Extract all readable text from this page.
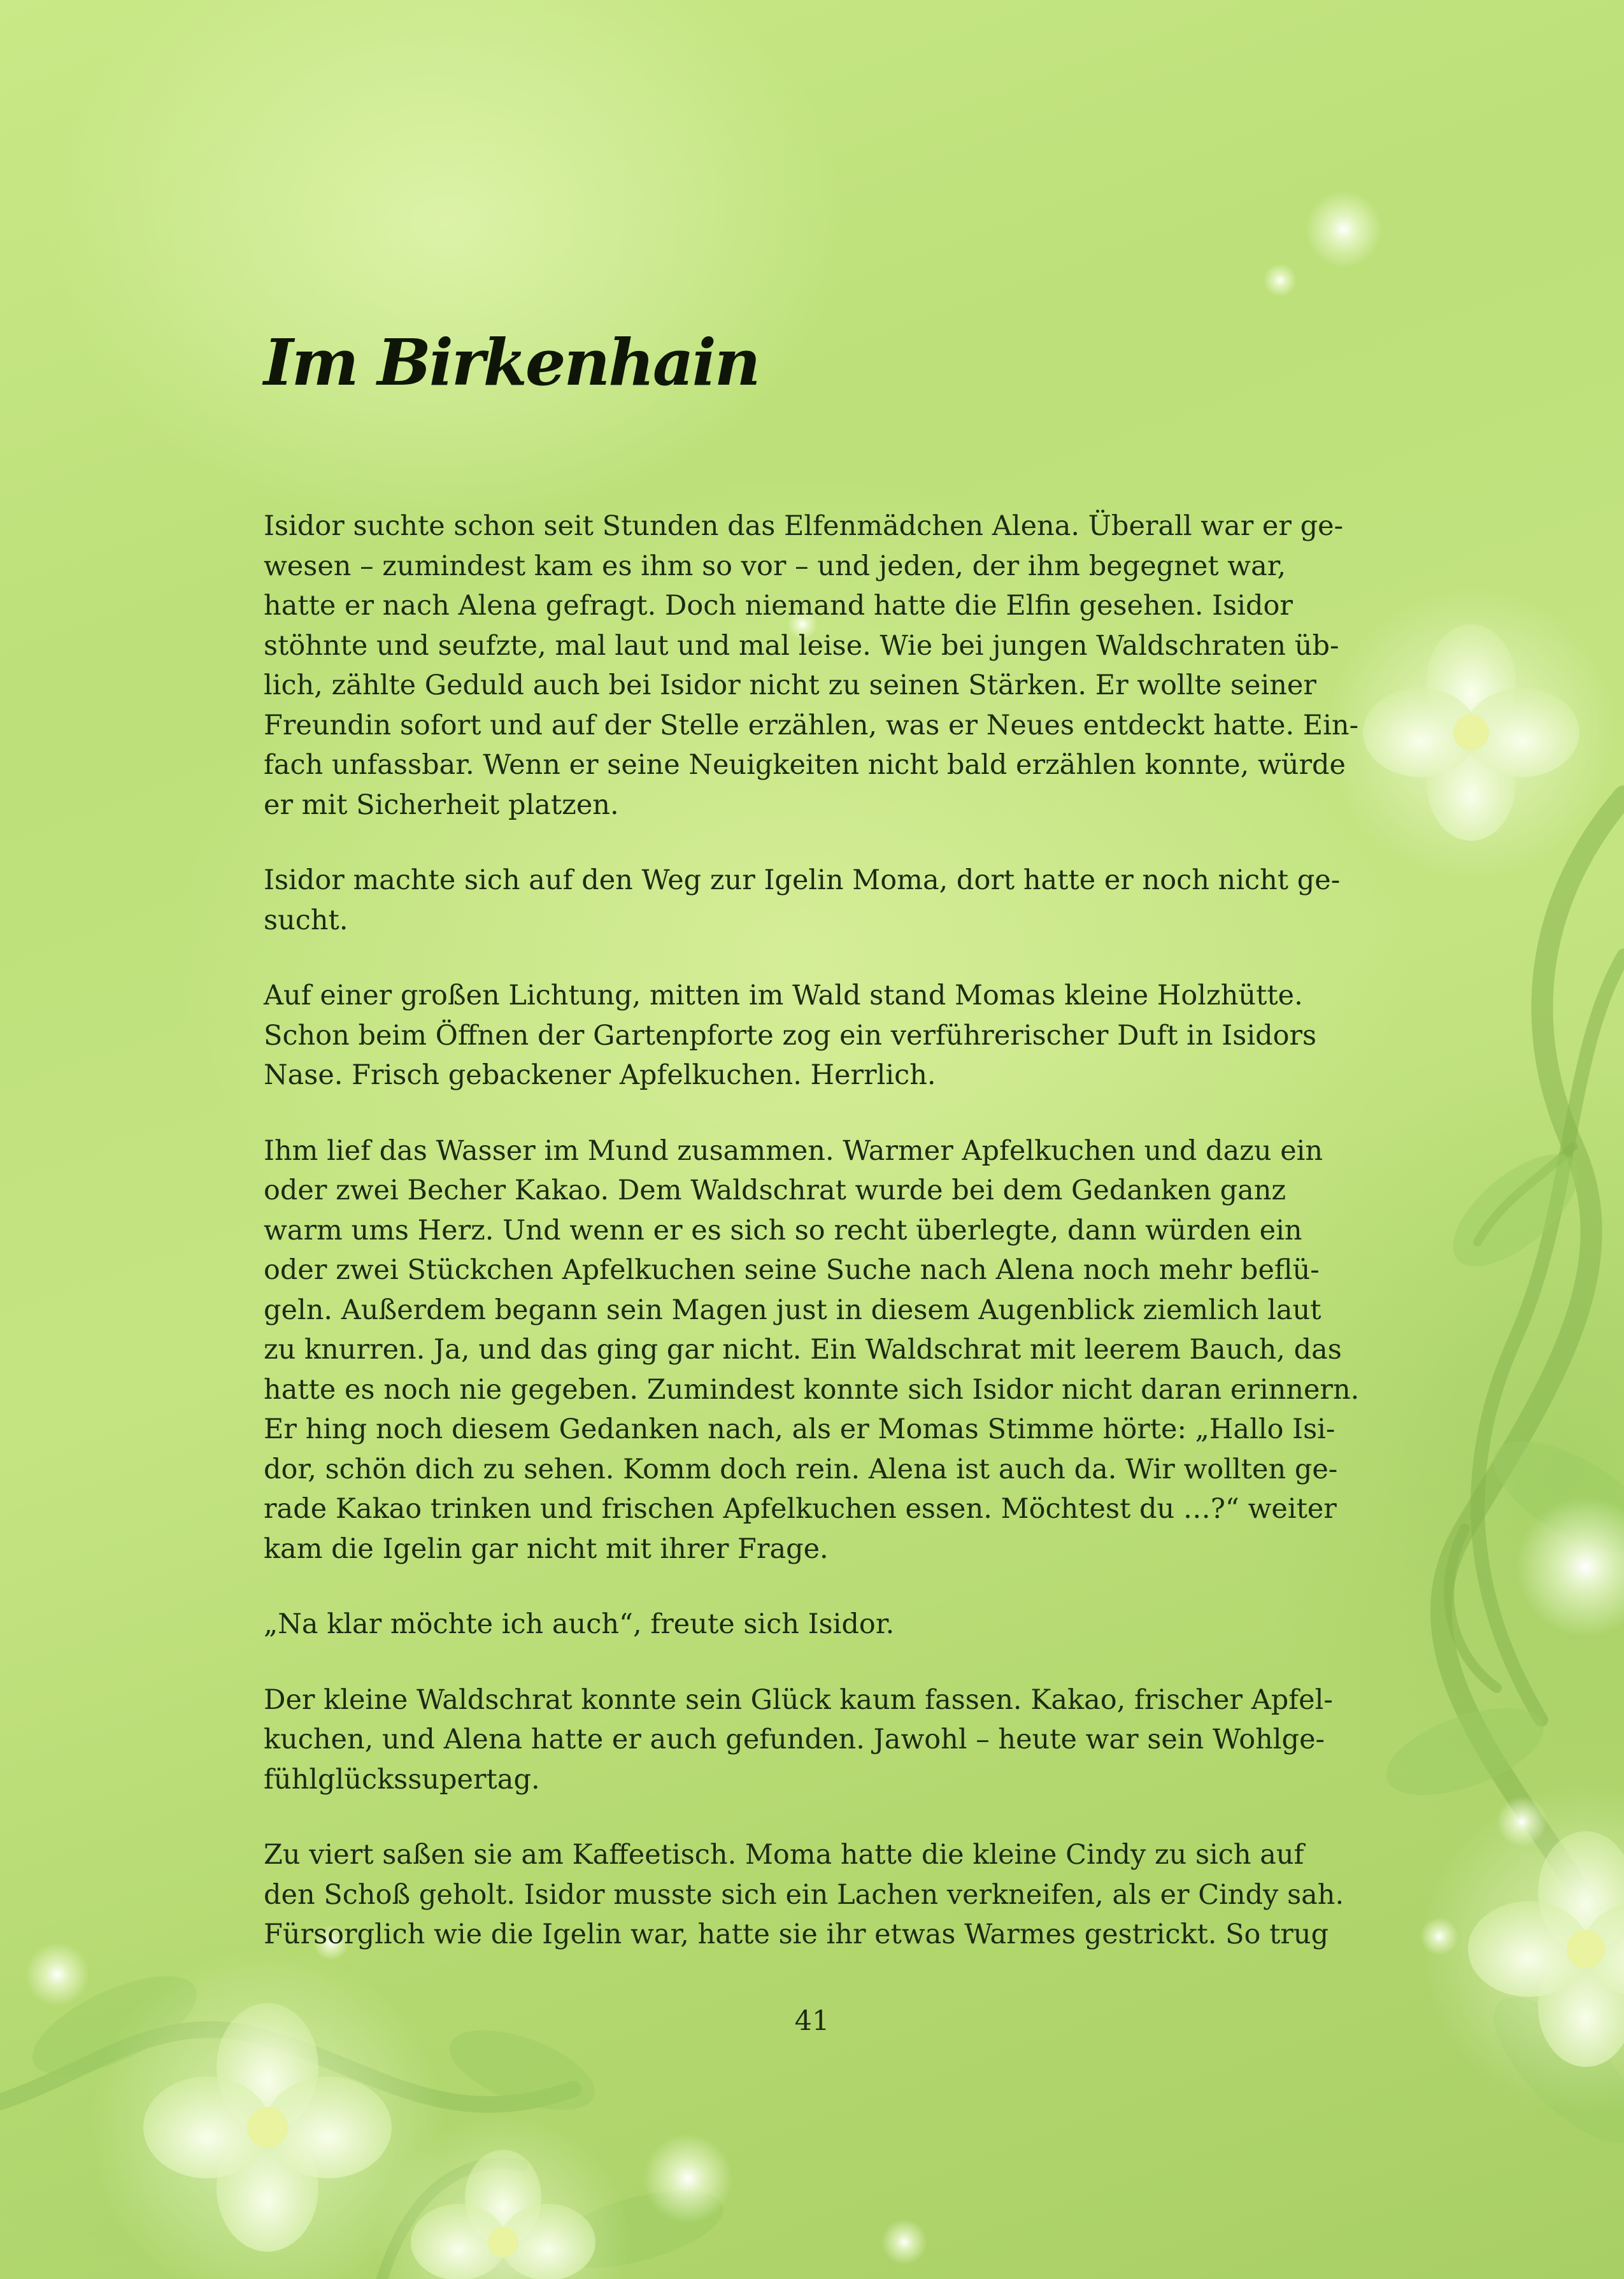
Im Birkenhain

Isidor suchte schon seit Stunden das Elfenmädchen Alena. Überall war er ge-
wesen – zumindest kam es ihm so vor – und jeden, der ihm begegnet war,
hatte er nach Alena gefragt. Doch niemand hatte die Elfin gesehen. Isidor
stöhnte und seufzte, mal laut und mal leise. Wie bei jungen Waldschraten üb-
lich, zählte Geduld auch bei Isidor nicht zu seinen Stärken. Er wollte seiner
Freundin sofort und auf der Stelle erzählen, was er Neues entdeckt hatte. Ein-
fach unfassbar. Wenn er seine Neuigkeiten nicht bald erzählen konnte, würde
er mit Sicherheit platzen.

Isidor machte sich auf den Weg zur Igelin Moma, dort hatte er noch nicht ge-
sucht.

Auf einer großen Lichtung, mitten im Wald stand Momas kleine Holzhütte.
Schon beim Öffnen der Gartenpforte zog ein verführerischer Duft in Isidors
Nase. Frisch gebackener Apfelkuchen. Herrlich.

Ihm lief das Wasser im Mund zusammen. Warmer Apfelkuchen und dazu ein
oder zwei Becher Kakao. Dem Waldschrat wurde bei dem Gedanken ganz
warm ums Herz. Und wenn er es sich so recht überlegte, dann würden ein
oder zwei Stückchen Apfelkuchen seine Suche nach Alena noch mehr beflü-
geln. Außerdem begann sein Magen just in diesem Augenblick ziemlich laut
zu knurren. Ja, und das ging gar nicht. Ein Waldschrat mit leerem Bauch, das
hatte es noch nie gegeben. Zumindest konnte sich Isidor nicht daran erinnern.
Er hing noch diesem Gedanken nach, als er Momas Stimme hörte: „Hallo Isi-
dor, schön dich zu sehen. Komm doch rein. Alena ist auch da. Wir wollten ge-
rade Kakao trinken und frischen Apfelkuchen essen. Möchtest du …?“ weiter
kam die Igelin gar nicht mit ihrer Frage.

„Na klar möchte ich auch“, freute sich Isidor.

Der kleine Waldschrat konnte sein Glück kaum fassen. Kakao, frischer Apfel-
kuchen, und Alena hatte er auch gefunden. Jawohl – heute war sein Wohlge-
fühlglückssupertag.

Zu viert saßen sie am Kaffeetisch. Moma hatte die kleine Cindy zu sich auf
den Schoß geholt. Isidor musste sich ein Lachen verkneifen, als er Cindy sah.
Fürsorglich wie die Igelin war, hatte sie ihr etwas Warmes gestrickt. So trug

41
